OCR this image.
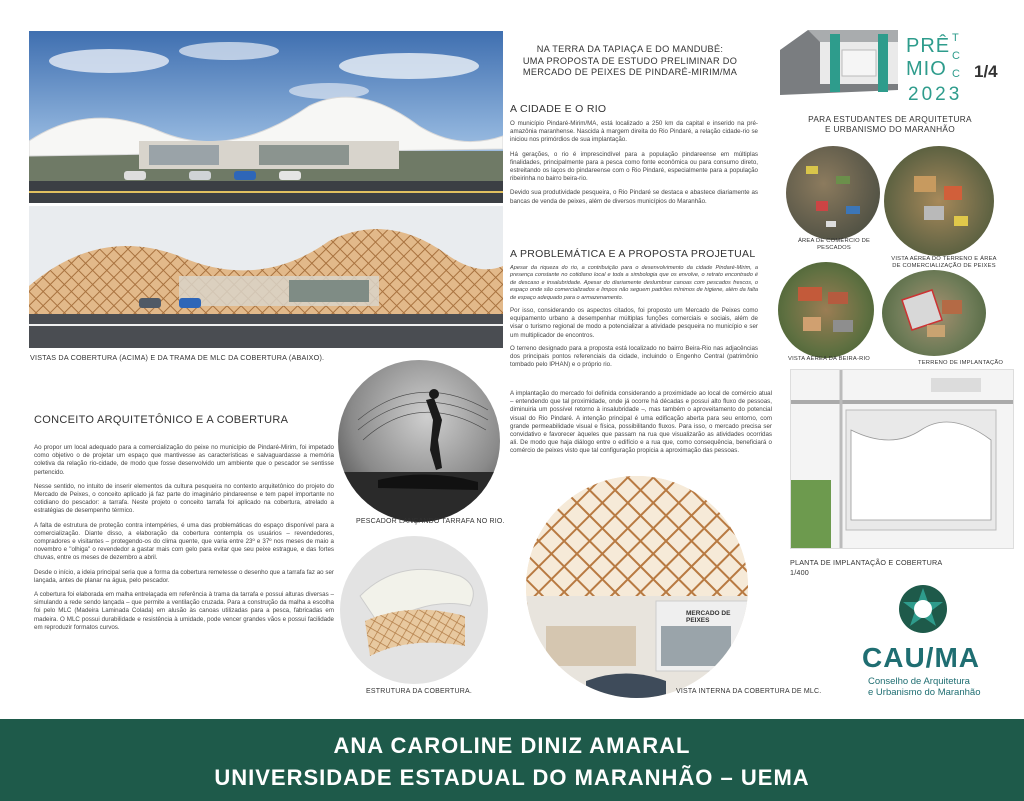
VISTAS DA COBERTURA (ACIMA) E DA TRAMA DE MLC DA COBERTURA (ABAIXO).
NA TERRA DA TAPIAÇA E DO MANDUBÉ:
UMA PROPOSTA DE ESTUDO PRELIMINAR DO
MERCADO DE PEIXES DE PINDARÉ-MIRIM/MA
PRÊ
MIO
T
C
C 1/4
2023
PARA ESTUDANTES DE ARQUITETURA
E URBANISMO DO MARANHÃO
A CIDADE E O RIO

O município Pindaré-Mirim/MA, está localizado a 250 km da capital e inserido na pré-amazônia maranhense. Nascida à margem direita do Rio Pindaré, a relação cidade-rio se iniciou nos primórdios de sua implantação.

Há gerações, o rio é imprescindível para a população pindareense em múltiplas finalidades, principalmente para a pesca como fonte econômica ou para consumo direto, estreitando os laços do pindareense com o Rio Pindaré, especialmente para a população ribeirinha no bairro beira-rio.

Devido sua produtividade pesqueira, o Rio Pindaré se destaca e abastece diariamente as bancas de venda de peixes, além de diversos municípios do Maranhão.

A PROBLEMÁTICA E A PROPOSTA PROJETUAL

Apesar da riqueza do rio, a contribuição para o desenvolvimento da cidade Pindaré-Mirim, a presença constante no cotidiano local e toda a simbologia que os envolve, o retrato encontrado é de descaso e insalubridade. Apesar do diariamente deslumbrar canoas com pescados frescos, o espaço onde são comercializados e limpos não seguem padrões mínimos de higiene, além da falta de espaço adequado para o armazenamento.

Por isso, considerando os aspectos citados, foi proposto um Mercado de Peixes como equipamento urbano a desempenhar múltiplas funções comerciais e sociais, além de visar o turismo regional de modo a potencializar a atividade pesqueira no município e ser um multiplicador de encontros.

O terreno designado para a proposta está localizado no bairro Beira-Rio nas adjacências dos principais pontos referenciais da cidade, incluindo o Engenho Central (patrimônio tombado pelo IPHAN) e o próprio rio.

A implantação do mercado foi definida considerando a proximidade ao local de comércio atual – entendendo que tal proximidade, onde já ocorre há décadas e possui alto fluxo de pessoas, diminuiria um possível retorno à insalubridade –, mas também o aproveitamento do potencial visual do Rio Pindaré. A intenção principal é uma edificação aberta para seu entorno, com grande permeabilidade visual e física, possibilitando fluxos. Para isso, o mercado precisa ser convidativo e favorecer àqueles que passam na rua que visualizarão as atividades ocorridas ali. De modo que haja diálogo entre o edifício e a rua que, como consequência, beneficiará o comércio de peixes visto que tal configuração propicia a aproximação das pessoas.

ÁREA DE COMÉRCIO DE PESCADOS
VISTA AÉREA DO TERRENO E ÁREA DE COMERCIALIZAÇÃO DE PEIXES
VISTA AÉREA DA BEIRA-RIO
TERRENO DE IMPLANTAÇÃO
PLANTA DE IMPLANTAÇÃO E COBERTURA
1/400
PESCADOR LANÇANDO TARRAFA NO RIO.
CONCEITO ARQUITETÔNICO E A COBERTURA

Ao propor um local adequado para a comercialização do peixe no município de Pindaré-Mirim, foi impetado como objetivo o de projetar um espaço que mantivesse as características e salvaguardasse a memória coletiva da relação rio-cidade, de modo que fosse desenvolvido um ambiente que o pescador se sentisse pertencido.

Nesse sentido, no intuito de inserir elementos da cultura pesqueira no contexto arquitetônico do projeto do Mercado de Peixes, o conceito aplicado já faz parte do imaginário pindareense e tem papel importante no cotidiano do pescador: a tarrafa. Neste projeto o conceito tarrafa foi aplicado na cobertura, atrelado a estratégias de desempenho térmico.

A falta de estrutura de proteção contra intempéries, é uma das problemáticas do espaço disponível para a comercialização. Diante disso, a elaboração da cobertura contempla os usuários – revendedores, compradores e visitantes – protegendo-os do clima quente, que varia entre 23º e 37º nos meses de maio a novembro e "olhiga" o revendedor a gastar mais com gelo para evitar que seu peixe estrague, e das fortes chuvas, entre os meses de dezembro a abril.

Desde o início, a ideia principal seria que a forma da cobertura remetesse o desenho que a tarrafa faz ao ser lançada, antes de planar na água, pelo pescador.

A cobertura foi elaborada em malha entrelaçada em referência à trama da tarrafa e possui alturas diversas – simulando a rede sendo lançada – que permite a ventilação cruzada. Para a construção da malha a escolha foi pelo MLC (Madeira Laminada Colada) em alusão às canoas utilizadas para a pesca, fabricadas em madeira. O MLC possui durabilidade e resistência à umidade, pode vencer grandes vãos e possui facilidade em reproduzir formatos curvos.

ESTRUTURA DA COBERTURA.
MERCADO DE PEIXES
VISTA INTERNA DA COBERTURA DE MLC.
CAU/MA
Conselho de Arquitetura
e Urbanismo do Maranhão
ANA CAROLINE DINIZ AMARAL
UNIVERSIDADE ESTADUAL DO MARANHÃO – UEMA
